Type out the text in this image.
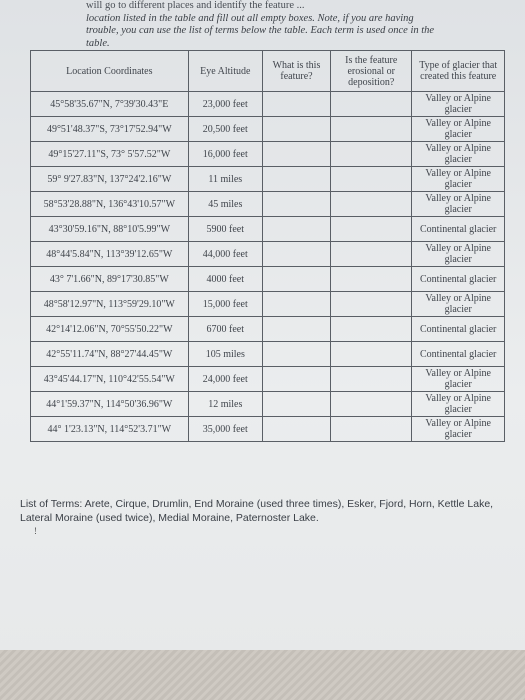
will go to different places and identify the feature ...
location listed in the table and fill out all empty boxes. Note, if you are having
trouble, you can use the list of terms below the table. Each term is used once in the
table.
Location Coordinates	Eye Altitude	What is this feature?	Is the feature erosional or deposition?	Type of glacier that created this feature
45°58'35.67"N, 7°39'30.43"E	23,000 feet			Valley or Alpine glacier
49°51'48.37"S, 73°17'52.94"W	20,500 feet			Valley or Alpine glacier
49°15'27.11"S, 73° 5'57.52"W	16,000 feet			Valley or Alpine glacier
59° 9'27.83"N, 137°24'2.16"W	11 miles			Valley or Alpine glacier
58°53'28.88"N, 136°43'10.57"W	45 miles			Valley or Alpine glacier
43°30'59.16"N, 88°10'5.99"W	5900 feet			Continental glacier
48°44'5.84"N, 113°39'12.65"W	44,000 feet			Valley or Alpine glacier
43° 7'1.66"N, 89°17'30.85"W	4000 feet			Continental glacier
48°58'12.97"N, 113°59'29.10"W	15,000 feet			Valley or Alpine glacier
42°14'12.06"N, 70°55'50.22"W	6700 feet			Continental glacier
42°55'11.74"N, 88°27'44.45"W	105 miles			Continental glacier
43°45'44.17"N, 110°42'55.54"W	24,000 feet			Valley or Alpine glacier
44°1'59.37"N, 114°50'36.96"W	12 miles			Valley or Alpine glacier
44° 1'23.13"N, 114°52'3.71"W	35,000 feet			Valley or Alpine glacier
List of Terms: Arete, Cirque, Drumlin, End Moraine (used three times), Esker, Fjord, Horn, Kettle Lake, Lateral Moraine (used twice), Medial Moraine, Paternoster Lake.
!
